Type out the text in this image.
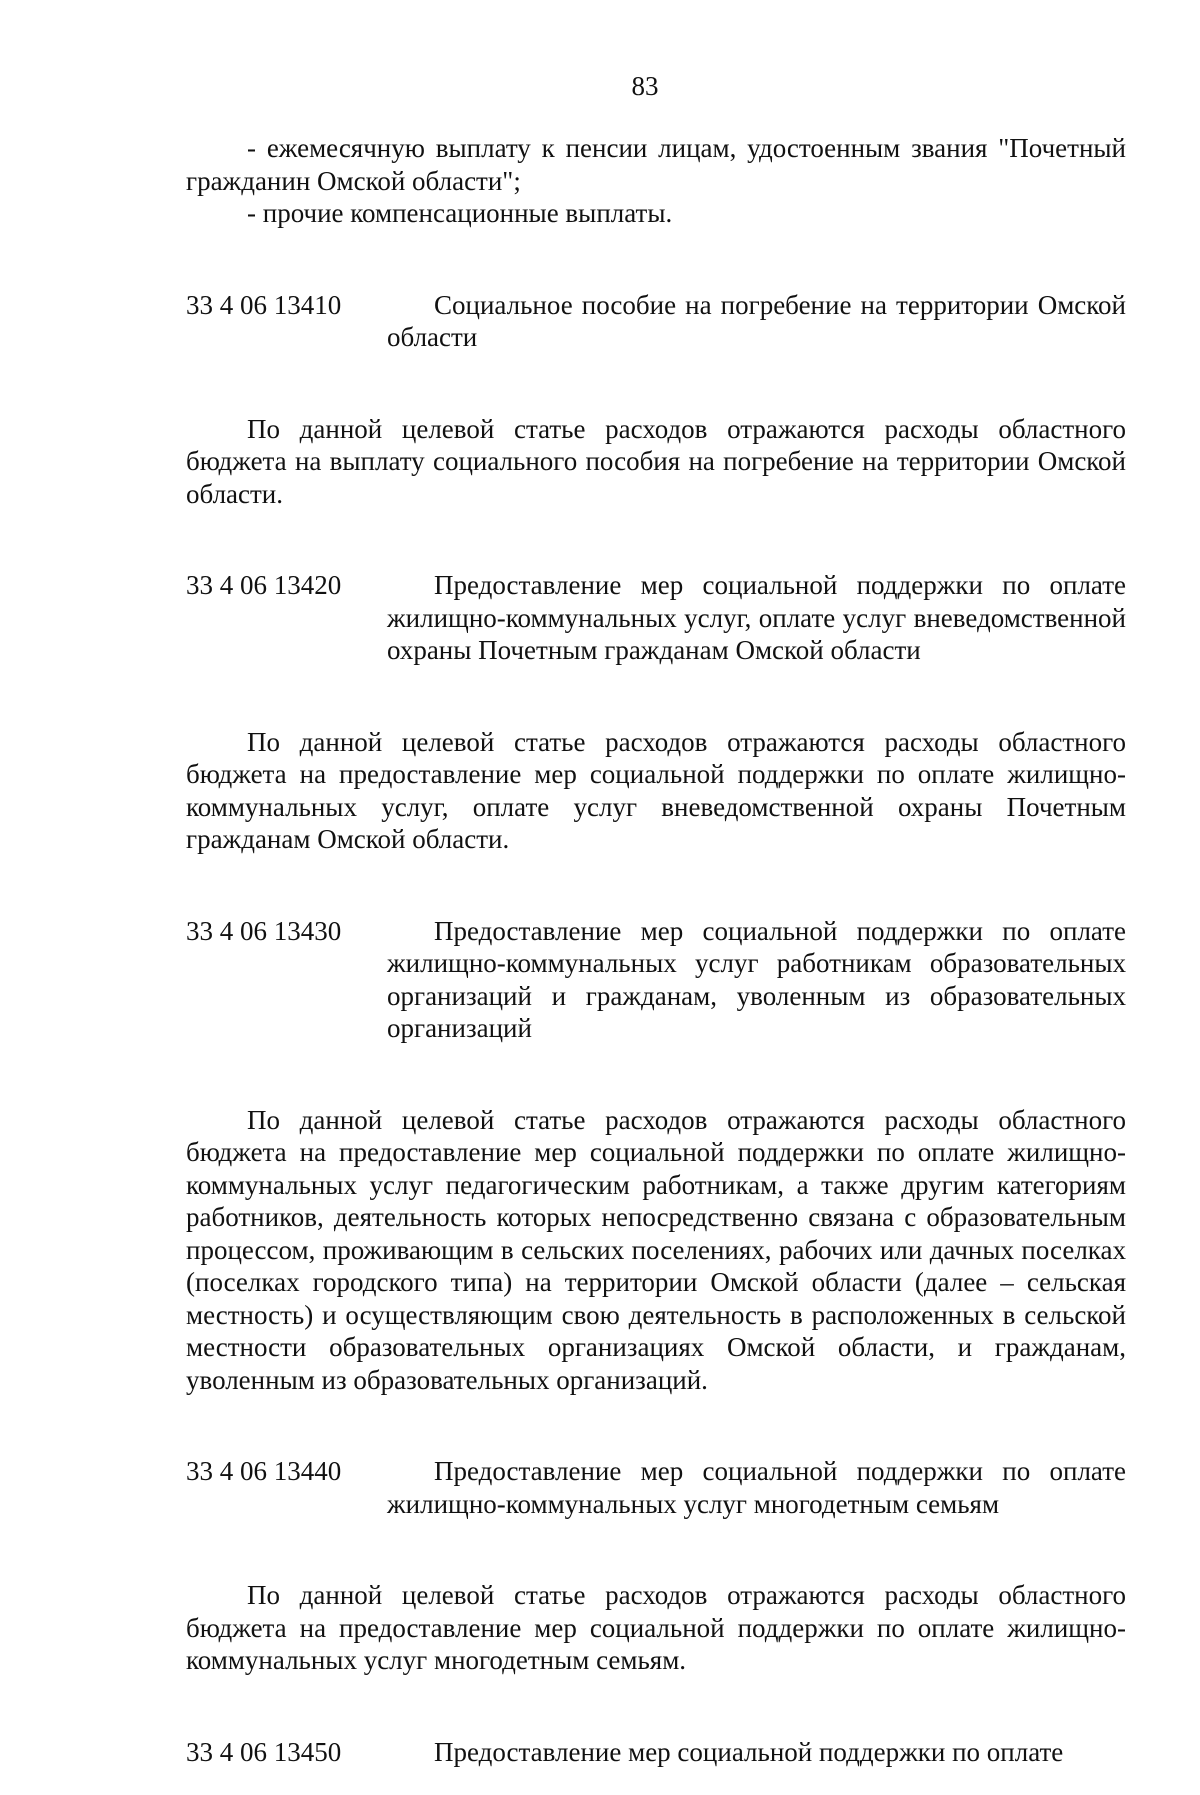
83

- ежемесячную выплату к пенсии лицам, удостоенным звания "Почетный гражданин Омской области";

- прочие компенсационные выплаты.

33 4 06 13410	Социальное пособие на погребение на территории Омской области

По данной целевой статье расходов отражаются расходы областного бюджета на выплату социального пособия на погребение на территории Омской области.

33 4 06 13420	Предоставление мер социальной поддержки по оплате жилищно-коммунальных услуг, оплате услуг вневедомственной охраны Почетным гражданам Омской области

По данной целевой статье расходов отражаются расходы областного бюджета на предоставление мер социальной поддержки по оплате жилищно-коммунальных услуг, оплате услуг вневедомственной охраны Почетным гражданам Омской области.

33 4 06 13430	Предоставление мер социальной поддержки по оплате жилищно-коммунальных услуг работникам образовательных организаций и гражданам, уволенным из образовательных организаций

По данной целевой статье расходов отражаются расходы областного бюджета на предоставление мер социальной поддержки по оплате жилищно-коммунальных услуг педагогическим работникам, а также другим категориям работников, деятельность которых непосредственно связана с образовательным процессом, проживающим в сельских поселениях, рабочих или дачных поселках (поселках городского типа) на территории Омской области (далее – сельская местность) и осуществляющим свою деятельность в расположенных в сельской местности образовательных организациях Омской области, и гражданам, уволенным из образовательных организаций.

33 4 06 13440	Предоставление мер социальной поддержки по оплате жилищно-коммунальных услуг многодетным семьям

По данной целевой статье расходов отражаются расходы областного бюджета на предоставление мер социальной поддержки по оплате жилищно-коммунальных услуг многодетным семьям.

33 4 06 13450	Предоставление мер социальной поддержки по оплате
